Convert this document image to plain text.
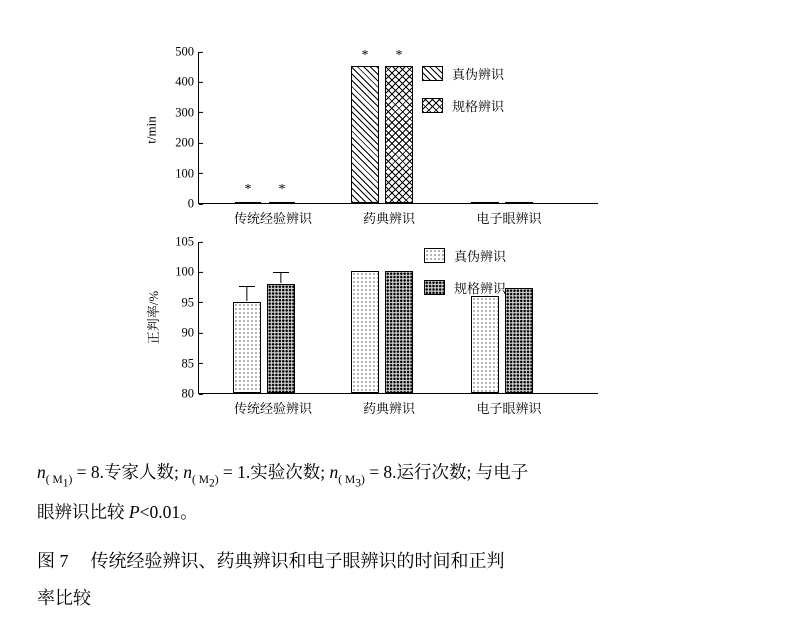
t/min
500
400
300
200
100
0
* *
* *
传统经验辨识	药典辨识	电子眼辨识
真伪辨识
规格辨识
正判率/%
105
100
95
90
85
80
传统经验辨识	药典辨识	电子眼辨识
真伪辨识
规格辨识
$n_{( M1)} = 8$.专家人数; $n_{( M2)} = 1$.实验次数; $n_{( M3)} = 8$.运行次数; 与电子
眼辨识比较 P<0.01。
图 7 传统经验辨识、药典辨识和电子眼辨识的时间和正判
率比较
